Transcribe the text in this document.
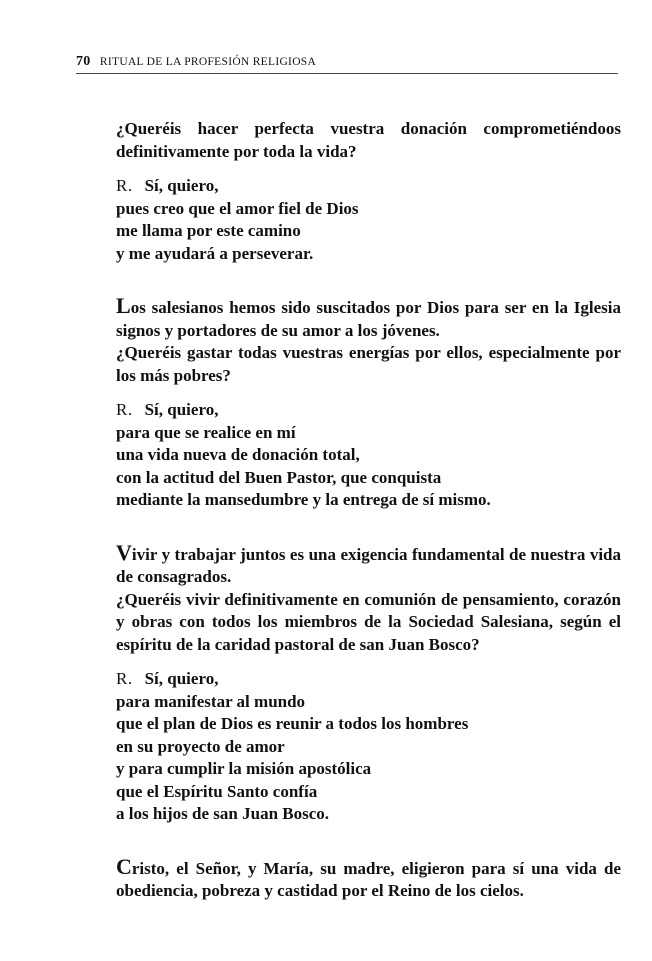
70 RITUAL DE LA PROFESIÓN RELIGIOSA

¿Queréis hacer perfecta vuestra donación comprometiéndoos definitivamente por toda la vida?

R. Sí, quiero,

pues creo que el amor fiel de Dios

me llama por este camino

y me ayudará a perseverar.

Los salesianos hemos sido suscitados por Dios para ser en la Iglesia signos y portadores de su amor a los jóvenes.

¿Queréis gastar todas vuestras energías por ellos, especialmente por los más pobres?

R. Sí, quiero,

para que se realice en mí

una vida nueva de donación total,

con la actitud del Buen Pastor, que conquista

mediante la mansedumbre y la entrega de sí mismo.

Vivir y trabajar juntos es una exigencia fundamental de nuestra vida de consagrados.

¿Queréis vivir definitivamente en comunión de pensamiento, corazón y obras con todos los miembros de la Sociedad Salesiana, según el espíritu de la caridad pastoral de san Juan Bosco?

R. Sí, quiero,

para manifestar al mundo

que el plan de Dios es reunir a todos los hombres

en su proyecto de amor

y para cumplir la misión apostólica

que el Espíritu Santo confía

a los hijos de san Juan Bosco.

Cristo, el Señor, y María, su madre, eligieron para sí una vida de obediencia, pobreza y castidad por el Reino de los cielos.
